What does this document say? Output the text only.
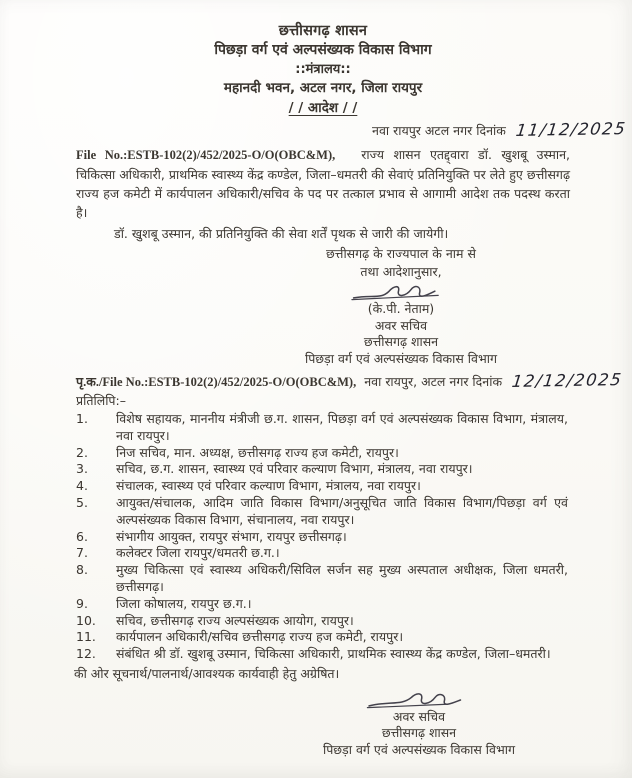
छत्तीसगढ़ शासन
पिछड़ा वर्ग एवं अल्पसंख्यक विकास विभाग
::मंत्रालय::
महानदी भवन, अटल नगर, जिला रायपुर
/ / आदेश / /
नवा रायपुर अटल नगर दिनांक 11/12/2025

File No.:ESTB-102(2)/452/2025-O/O(OBC&M), राज्य शासन एतद्द्वारा डॉ. खुशबू उस्मान, चिकित्सा अधिकारी, प्राथमिक स्वास्थ्य केंद्र कण्डेल, जिला–धमतरी की सेवाएं प्रतिनियुक्ति पर लेते हुए छत्तीसगढ़ राज्य हज कमेटी में कार्यपालन अधिकारी/सचिव के पद पर तत्काल प्रभाव से आगामी आदेश तक पदस्थ करता है।

डॉ. खुशबू उस्मान, की प्रतिनियुक्ति की सेवा शर्तें पृथक से जारी की जायेगी।

छत्तीसगढ़ के राज्यपाल के नाम से
तथा आदेशानुसार,
(के.पी. नेताम)
अवर सचिव
छत्तीसगढ़ शासन
पिछड़ा वर्ग एवं अल्पसंख्यक विकास विभाग
पृ.क./File No.:ESTB-102(2)/452/2025-O/O(OBC&M), नवा रायपुर, अटल नगर दिनांक 12/12/2025
प्रतिलिपि:–
1.	विशेष सहायक, माननीय मंत्रीजी छ.ग. शासन, पिछड़ा वर्ग एवं अल्पसंख्यक विकास विभाग, मंत्रालय, नवा रायपुर।
2.	निज सचिव, मान. अध्यक्ष, छत्तीसगढ़ राज्य हज कमेटी, रायपुर।
3.	सचिव, छ.ग. शासन, स्वास्थ्य एवं परिवार कल्याण विभाग, मंत्रालय, नवा रायपुर।
4.	संचालक, स्वास्थ्य एवं परिवार कल्याण विभाग, मंत्रालय, नवा रायपुर।
5.	आयुक्त/संचालक, आदिम जाति विकास विभाग/अनुसूचित जाति विकास विभाग/पिछड़ा वर्ग एवं अल्पसंख्यक विकास विभाग, संचानालय, नवा रायपुर।
6.	संभागीय आयुक्त, रायपुर संभाग, रायपुर छत्तीसगढ़।
7.	कलेक्टर जिला रायपुर/धमतरी छ.ग.।
8.	मुख्य चिकित्सा एवं स्वास्थ्य अधिकरी/सिविल सर्जन सह मुख्य अस्पताल अधीक्षक, जिला धमतरी, छत्तीसगढ़।
9.	जिला कोषालय, रायपुर छ.ग.।
10.	सचिव, छत्तीसगढ़ राज्य अल्पसंख्यक आयोग, रायपुर।
11.	कार्यपालन अधिकारी/सचिव छत्तीसगढ़ राज्य हज कमेटी, रायपुर।
12.	संबंधित श्री डॉ. खुशबू उस्मान, चिकित्सा अधिकारी, प्राथमिक स्वास्थ्य केंद्र कण्डेल, जिला–धमतरी।
की ओर सूचनार्थ/पालनार्थ/आवश्यक कार्यवाही हेतु अग्रेषित।
अवर सचिव
छत्तीसगढ़ शासन
पिछड़ा वर्ग एवं अल्पसंख्यक विकास विभाग
